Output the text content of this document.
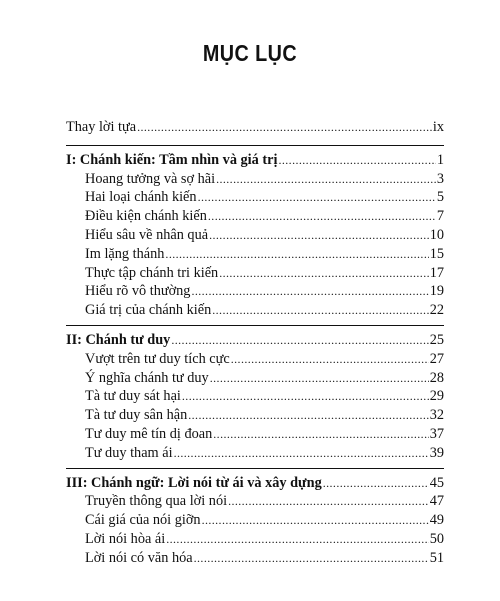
MỤC LỤC
Thay lời tựa .....	ix
I: Chánh kiến: Tầm nhìn và giá trị .....	1
Hoang tưởng và sợ hãi .....	3
Hai loại chánh kiến .....	5
Điều kiện chánh kiến .....	7
Hiểu sâu về nhân quả .....	10
Im lặng thánh .....	15
Thực tập chánh tri kiến .....	17
Hiểu rõ vô thường .....	19
Giá trị của chánh kiến .....	22
II: Chánh tư duy .....	25
Vượt trên tư duy tích cực .....	27
Ý nghĩa chánh tư duy .....	28
Tà tư duy sát hại .....	29
Tà tư duy sân hận .....	32
Tư duy mê tín dị đoan .....	37
Tư duy tham ái .....	39
III: Chánh ngữ: Lời nói từ ái và xây dựng .....	45
Truyền thông qua lời nói .....	47
Cái giá của nói giỡn .....	49
Lời nói hòa ái .....	50
Lời nói có văn hóa .....	51
